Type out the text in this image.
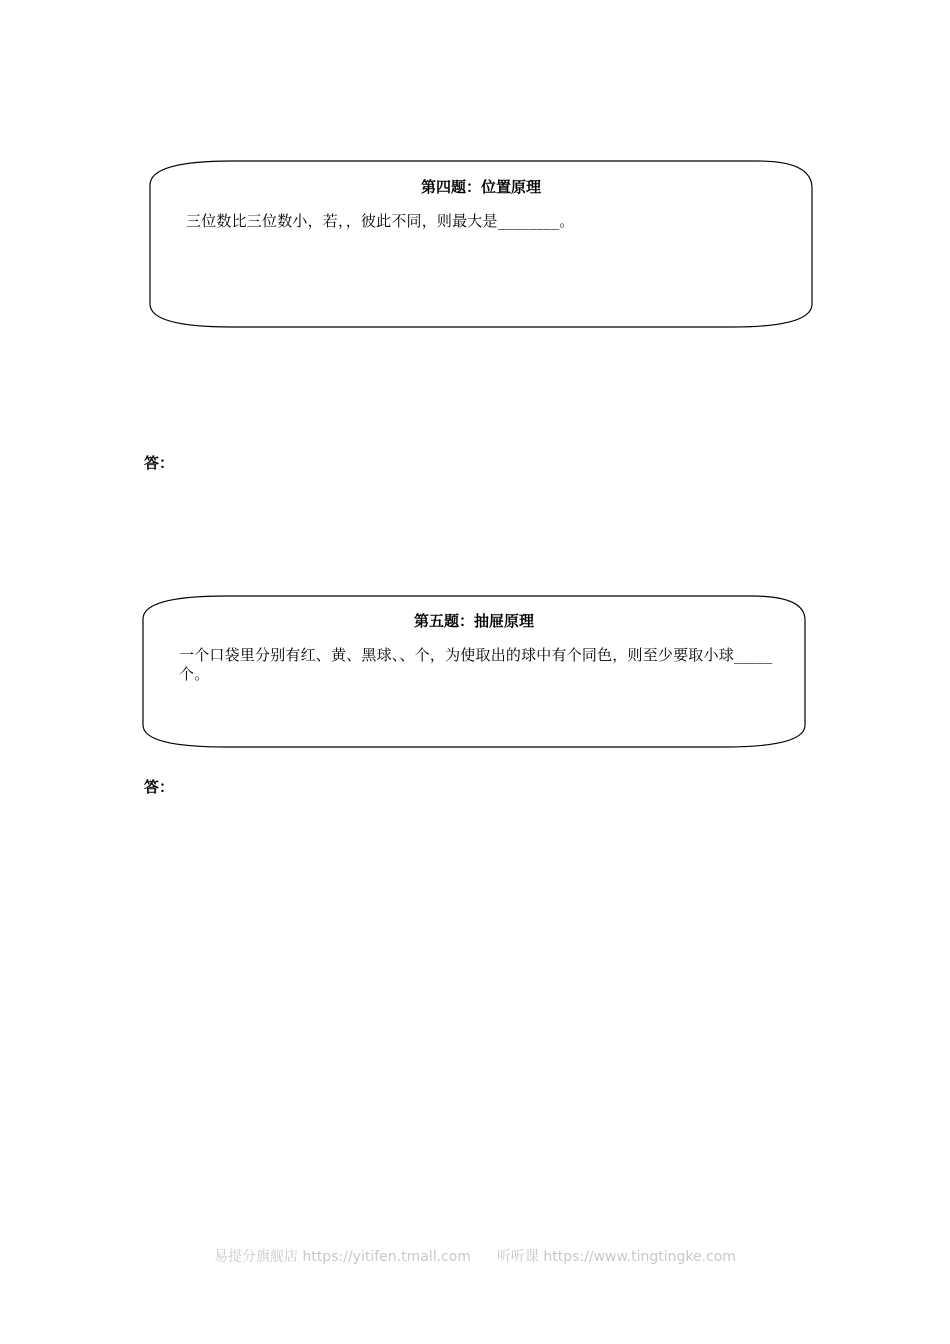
第四题：位置原理
三位数比三位数小，若，，彼此不同，则最大是________。
答：
第五题：抽屉原理
一个口袋里分别有红、黄、黑球、、个，为使取出的球中有个同色，则至少要取小球_____个。
答：
易提分旗舰店 https://yitifen.tmall.com 听听课 https://www.tingtingke.com
